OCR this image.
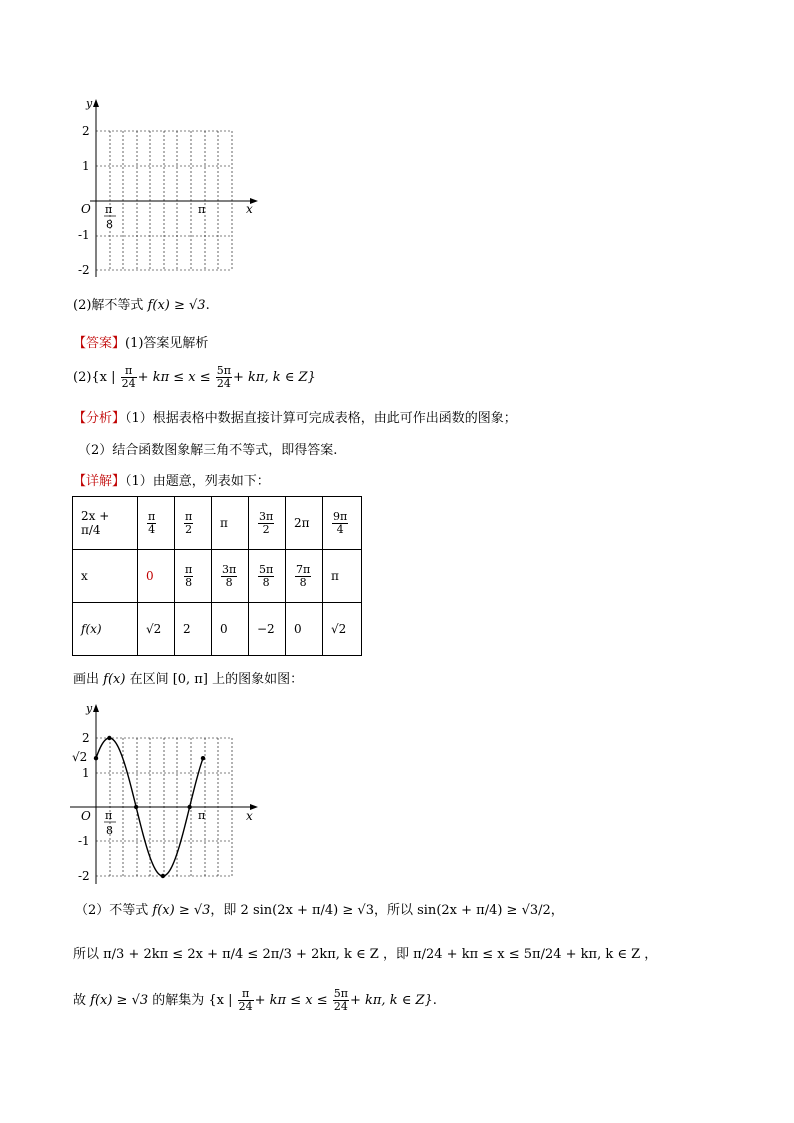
y
x
O
2
1
-1
-2
π
8
π
(2)解不等式 f(x) ≥ √3.
【答案】(1)答案见解析
(2){x | $\frac{\pi}{24} + k\pi \le x \le \frac{5\pi}{24} + k\pi$, k ∈ Z}
【分析】（1）根据表格中数据直接计算可完成表格，由此可作出函数的图象；
（2）结合函数图象解三角不等式，即得答案.
【详解】（1）由题意，列表如下：
2x + π/4	$\frac{\pi}{4}$	$\frac{\pi}{2}$	π	$\frac{3\pi}{2}$	2π	$\frac{9\pi}{4}$

x	0	$\frac{\pi}{8}$	$\frac{3\pi}{8}$	$\frac{5\pi}{8}$	$\frac{7\pi}{8}$	π
f(x)	√2	2	0	−2	0	√2
画出 f(x) 在区间 [0, π] 上的图象如图：
y
x
O
2
√2
1
-1
-2
π
8
π
（2）不等式 f(x) ≥ √3，即 2 sin(2x + π/4) ≥ √3，所以 sin(2x + π/4) ≥ √3/2，
所以 π/3 + 2kπ ≤ 2x + π/4 ≤ 2π/3 + 2kπ, k ∈ Z ，即 π/24 + kπ ≤ x ≤ 5π/24 + kπ, k ∈ Z ，
故 f(x) ≥ √3 的解集为 {x | $\frac{\pi}{24} + k\pi \le x \le \frac{5\pi}{24} + k\pi$, k ∈ Z}.
